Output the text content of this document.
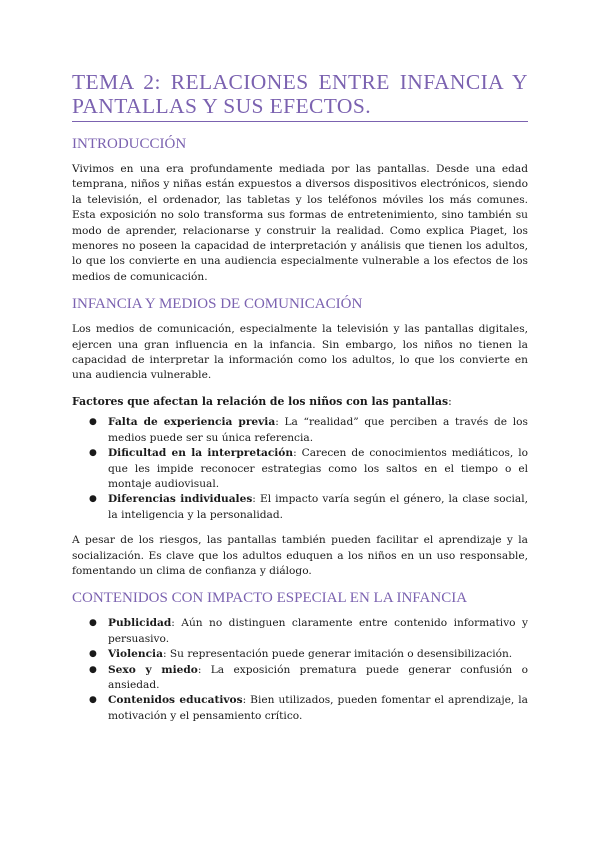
TEMA 2: RELACIONES ENTRE INFANCIA Y PANTALLAS Y SUS EFECTOS.
INTRODUCCIÓN

Vivimos en una era profundamente mediada por las pantallas. Desde una edad temprana, niños y niñas están expuestos a diversos dispositivos electrónicos, siendo la televisión, el ordenador, las tabletas y los teléfonos móviles los más comunes. Esta exposición no solo transforma sus formas de entretenimiento, sino también su modo de aprender, relacionarse y construir la realidad. Como explica Piaget, los menores no poseen la capacidad de interpretación y análisis que tienen los adultos, lo que los convierte en una audiencia especialmente vulnerable a los efectos de los medios de comunicación.

INFANCIA Y MEDIOS DE COMUNICACIÓN

Los medios de comunicación, especialmente la televisión y las pantallas digitales, ejercen una gran influencia en la infancia. Sin embargo, los niños no tienen la capacidad de interpretar la información como los adultos, lo que los convierte en una audiencia vulnerable.

Factores que afectan la relación de los niños con las pantallas:

● Falta de experiencia previa: La “realidad” que perciben a través de los medios puede ser su única referencia.
● Dificultad en la interpretación: Carecen de conocimientos mediáticos, lo que les impide reconocer estrategias como los saltos en el tiempo o el montaje audiovisual.
● Diferencias individuales: El impacto varía según el género, la clase social, la inteligencia y la personalidad.

A pesar de los riesgos, las pantallas también pueden facilitar el aprendizaje y la socialización. Es clave que los adultos eduquen a los niños en un uso responsable, fomentando un clima de confianza y diálogo.

CONTENIDOS CON IMPACTO ESPECIAL EN LA INFANCIA
● Publicidad: Aún no distinguen claramente entre contenido informativo y persuasivo.
● Violencia: Su representación puede generar imitación o desensibilización.
● Sexo y miedo: La exposición prematura puede generar confusión o ansiedad.
● Contenidos educativos: Bien utilizados, pueden fomentar el aprendizaje, la motivación y el pensamiento crítico.
